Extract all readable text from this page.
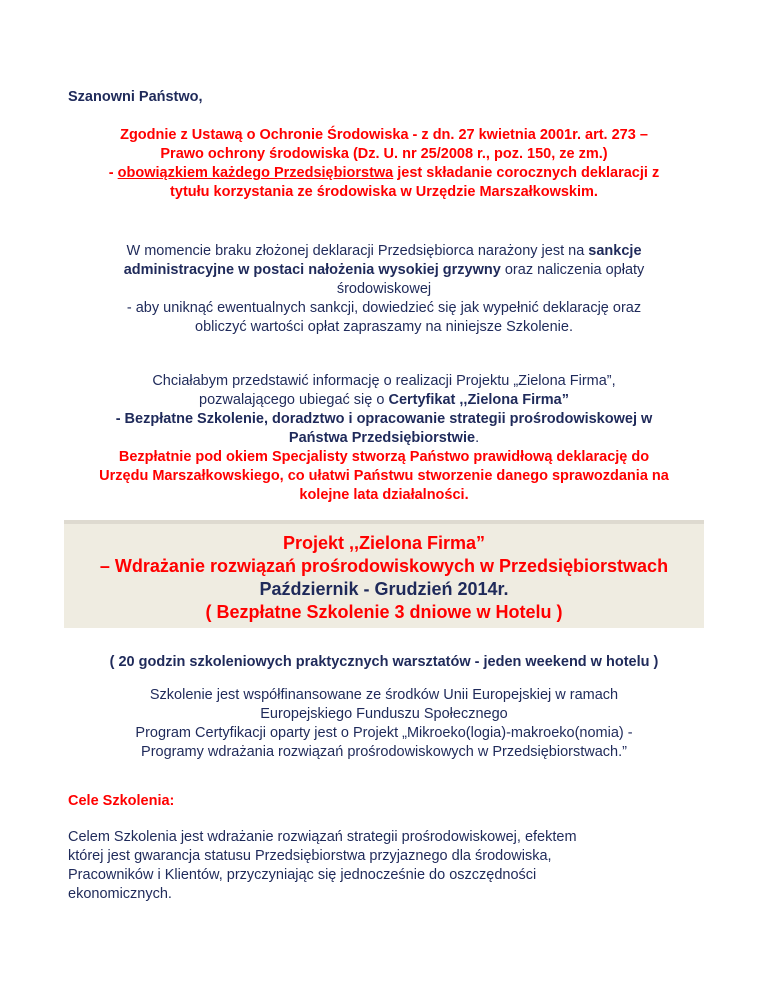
Szanowni Państwo,
Zgodnie z Ustawą o Ochronie Środowiska - z dn. 27 kwietnia 2001r. art. 273 –
Prawo ochrony środowiska (Dz. U. nr 25/2008 r., poz. 150, ze zm.)
- obowiązkiem każdego Przedsiębiorstwa jest składanie corocznych deklaracji z
tytułu korzystania ze środowiska w Urzędzie Marszałkowskim.
W momencie braku złożonej deklaracji Przedsiębiorca narażony jest na sankcje
administracyjne w postaci nałożenia wysokiej grzywny oraz naliczenia opłaty
środowiskowej
- aby uniknąć ewentualnych sankcji, dowiedzieć się jak wypełnić deklarację oraz
obliczyć wartości opłat zapraszamy na niniejsze Szkolenie.
Chciałabym przedstawić informację o realizacji Projektu „Zielona Firma”,
pozwalającego ubiegać się o Certyfikat ,,Zielona Firma”
- Bezpłatne Szkolenie, doradztwo i opracowanie strategii prośrodowiskowej w
Państwa Przedsiębiorstwie.
Bezpłatnie pod okiem Specjalisty stworzą Państwo prawidłową deklarację do
Urzędu Marszałkowskiego, co ułatwi Państwu stworzenie danego sprawozdania na
kolejne lata działalności.
Projekt ,,Zielona Firma”
– Wdrażanie rozwiązań prośrodowiskowych w Przedsiębiorstwach
Październik - Grudzień 2014r.
( Bezpłatne Szkolenie 3 dniowe w Hotelu )
( 20 godzin szkoleniowych praktycznych warsztatów - jeden weekend w hotelu )
Szkolenie jest współfinansowane ze środków Unii Europejskiej w ramach
Europejskiego Funduszu Społecznego
Program Certyfikacji oparty jest o Projekt „Mikroeko(logia)-makroeko(nomia) -
Programy wdrażania rozwiązań prośrodowiskowych w Przedsiębiorstwach.”
Cele Szkolenia:
Celem Szkolenia jest wdrażanie rozwiązań strategii prośrodowiskowej, efektem
której jest gwarancja statusu Przedsiębiorstwa przyjaznego dla środowiska,
Pracowników i Klientów, przyczyniając się jednocześnie do oszczędności
ekonomicznych.
